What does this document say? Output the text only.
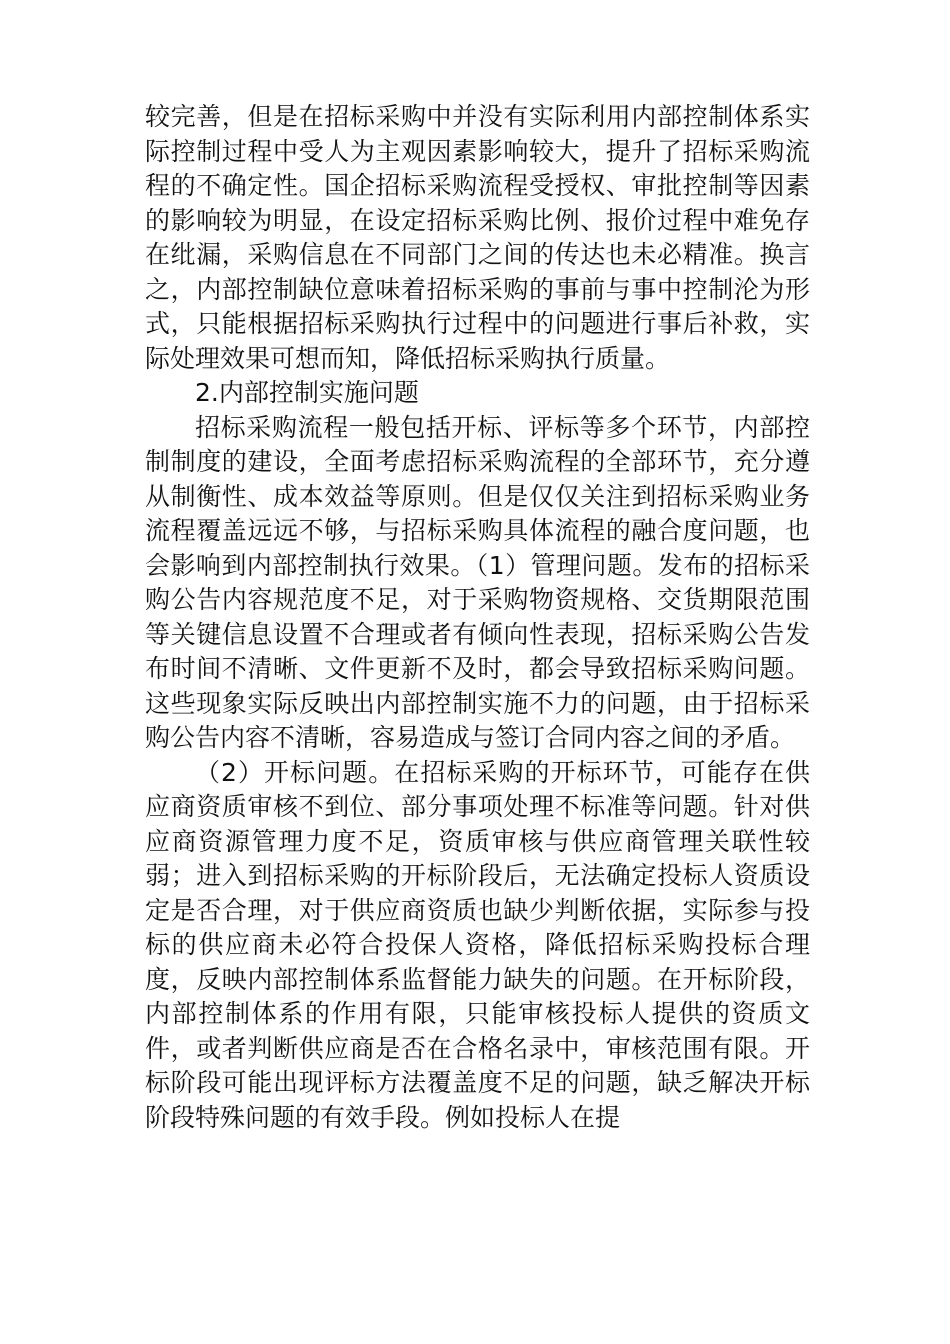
较完善，但是在招标采购中并没有实际利用内部控制体系实际控制过程中受人为主观因素影响较大，提升了招标采购流程的不确定性。国企招标采购流程受授权、审批控制等因素的影响较为明显，在设定招标采购比例、报价过程中难免存在纰漏，采购信息在不同部门之间的传达也未必精准。换言之，内部控制缺位意味着招标采购的事前与事中控制沦为形式，只能根据招标采购执行过程中的问题进行事后补救，实际处理效果可想而知，降低招标采购执行质量。

2.内部控制实施问题

招标采购流程一般包括开标、评标等多个环节，内部控制制度的建设，全面考虑招标采购流程的全部环节，充分遵从制衡性、成本效益等原则。但是仅仅关注到招标采购业务流程覆盖远远不够，与招标采购具体流程的融合度问题，也会影响到内部控制执行效果。（1）管理问题。发布的招标采购公告内容规范度不足，对于采购物资规格、交货期限范围等关键信息设置不合理或者有倾向性表现，招标采购公告发布时间不清晰、文件更新不及时，都会导致招标采购问题。这些现象实际反映出内部控制实施不力的问题，由于招标采购公告内容不清晰，容易造成与签订合同内容之间的矛盾。

（2）开标问题。在招标采购的开标环节，可能存在供应商资质审核不到位、部分事项处理不标准等问题。针对供应商资源管理力度不足，资质审核与供应商管理关联性较弱；进入到招标采购的开标阶段后，无法确定投标人资质设定是否合理，对于供应商资质也缺少判断依据，实际参与投标的供应商未必符合投保人资格，降低招标采购投标合理度，反映内部控制体系监督能力缺失的问题。在开标阶段，内部控制体系的作用有限，只能审核投标人提供的资质文件，或者判断供应商是否在合格名录中，审核范围有限。开标阶段可能出现评标方法覆盖度不足的问题，缺乏解决开标阶段特殊问题的有效手段。例如投标人在提
